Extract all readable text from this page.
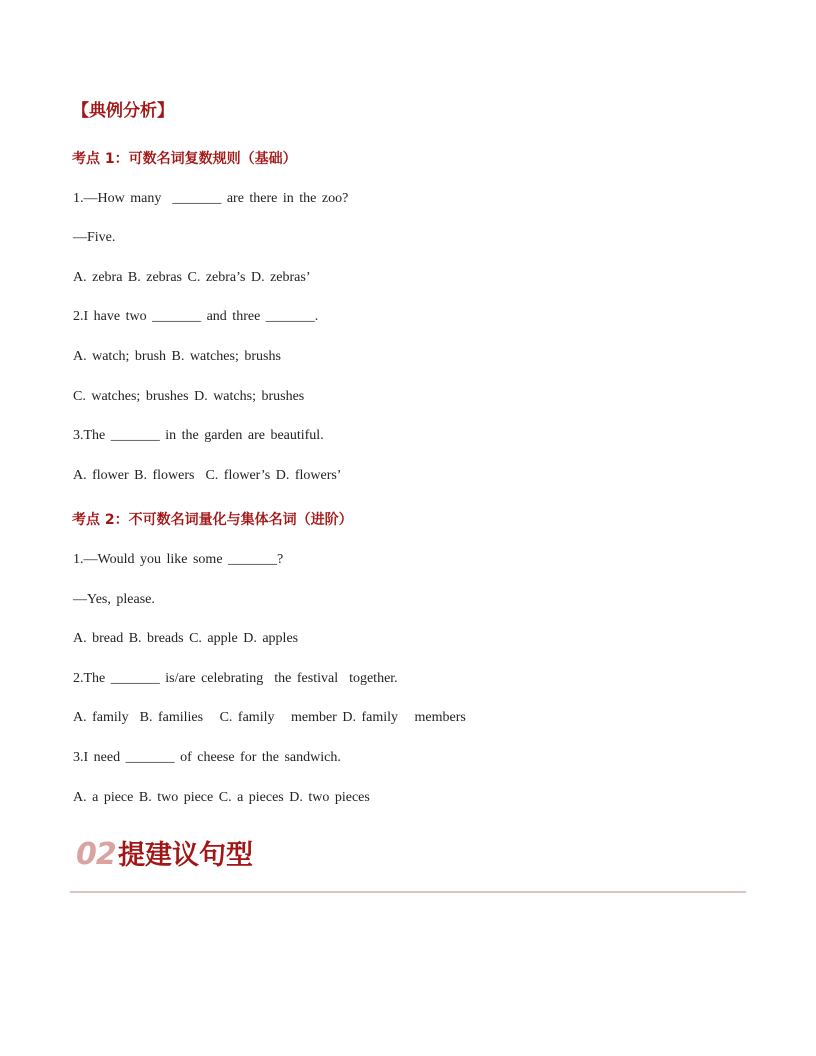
【典例分析】
考点 1：可数名词复数规则（基础）
1.—How many  _______ are there in the zoo?
—Five.
A. zebra B. zebras C. zebra’s D. zebras’
2.I have two _______ and three _______.
A. watch; brush B. watches; brushs
C. watches; brushes D. watchs; brushes
3.The _______ in the garden are beautiful.
A. flower B. flowers  C. flower’s D. flowers’
考点 2：不可数名词量化与集体名词（进阶）
1.—Would you like some _______?
—Yes, please.
A. bread B. breads C. apple D. apples
2.The _______ is/are celebrating  the festival  together.
A. family  B. families   C. family   member D. family   members
3.I need _______ of cheese for the sandwich.
A. a piece B. two piece C. a pieces D. two pieces
02 提建议句型
